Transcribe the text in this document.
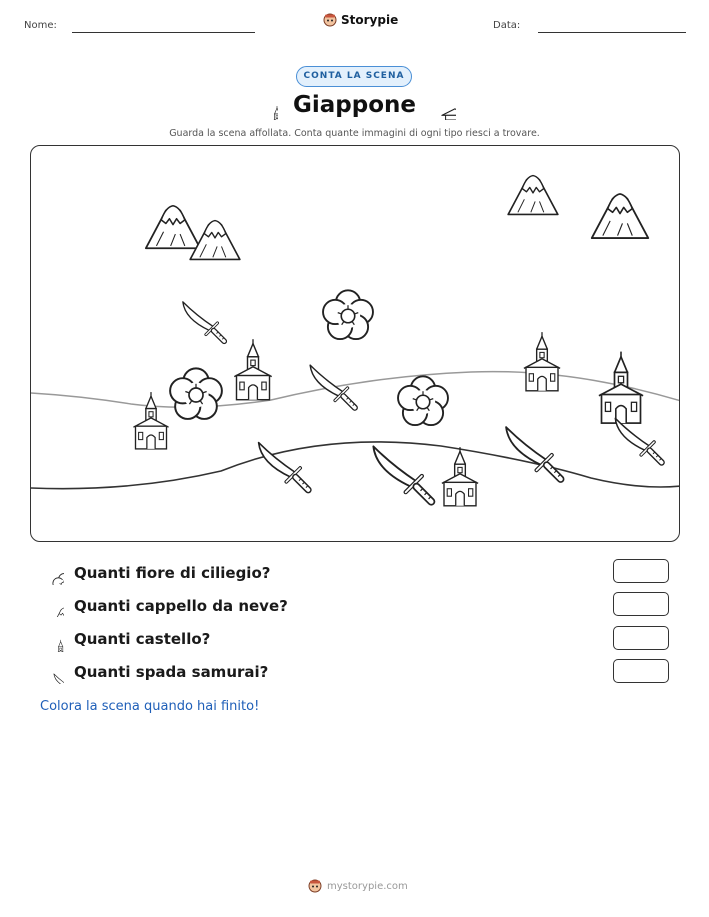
Nome:	Storypie	Data:
CONTA LA SCENA
Giappone
Guarda la scena affollata. Conta quante immagini di ogni tipo riesci a trovare.
Quanti fiore di ciliegio?
Quanti cappello da neve?
Quanti castello?
Quanti spada samurai?
Colora la scena quando hai finito!
mystorypie.com
